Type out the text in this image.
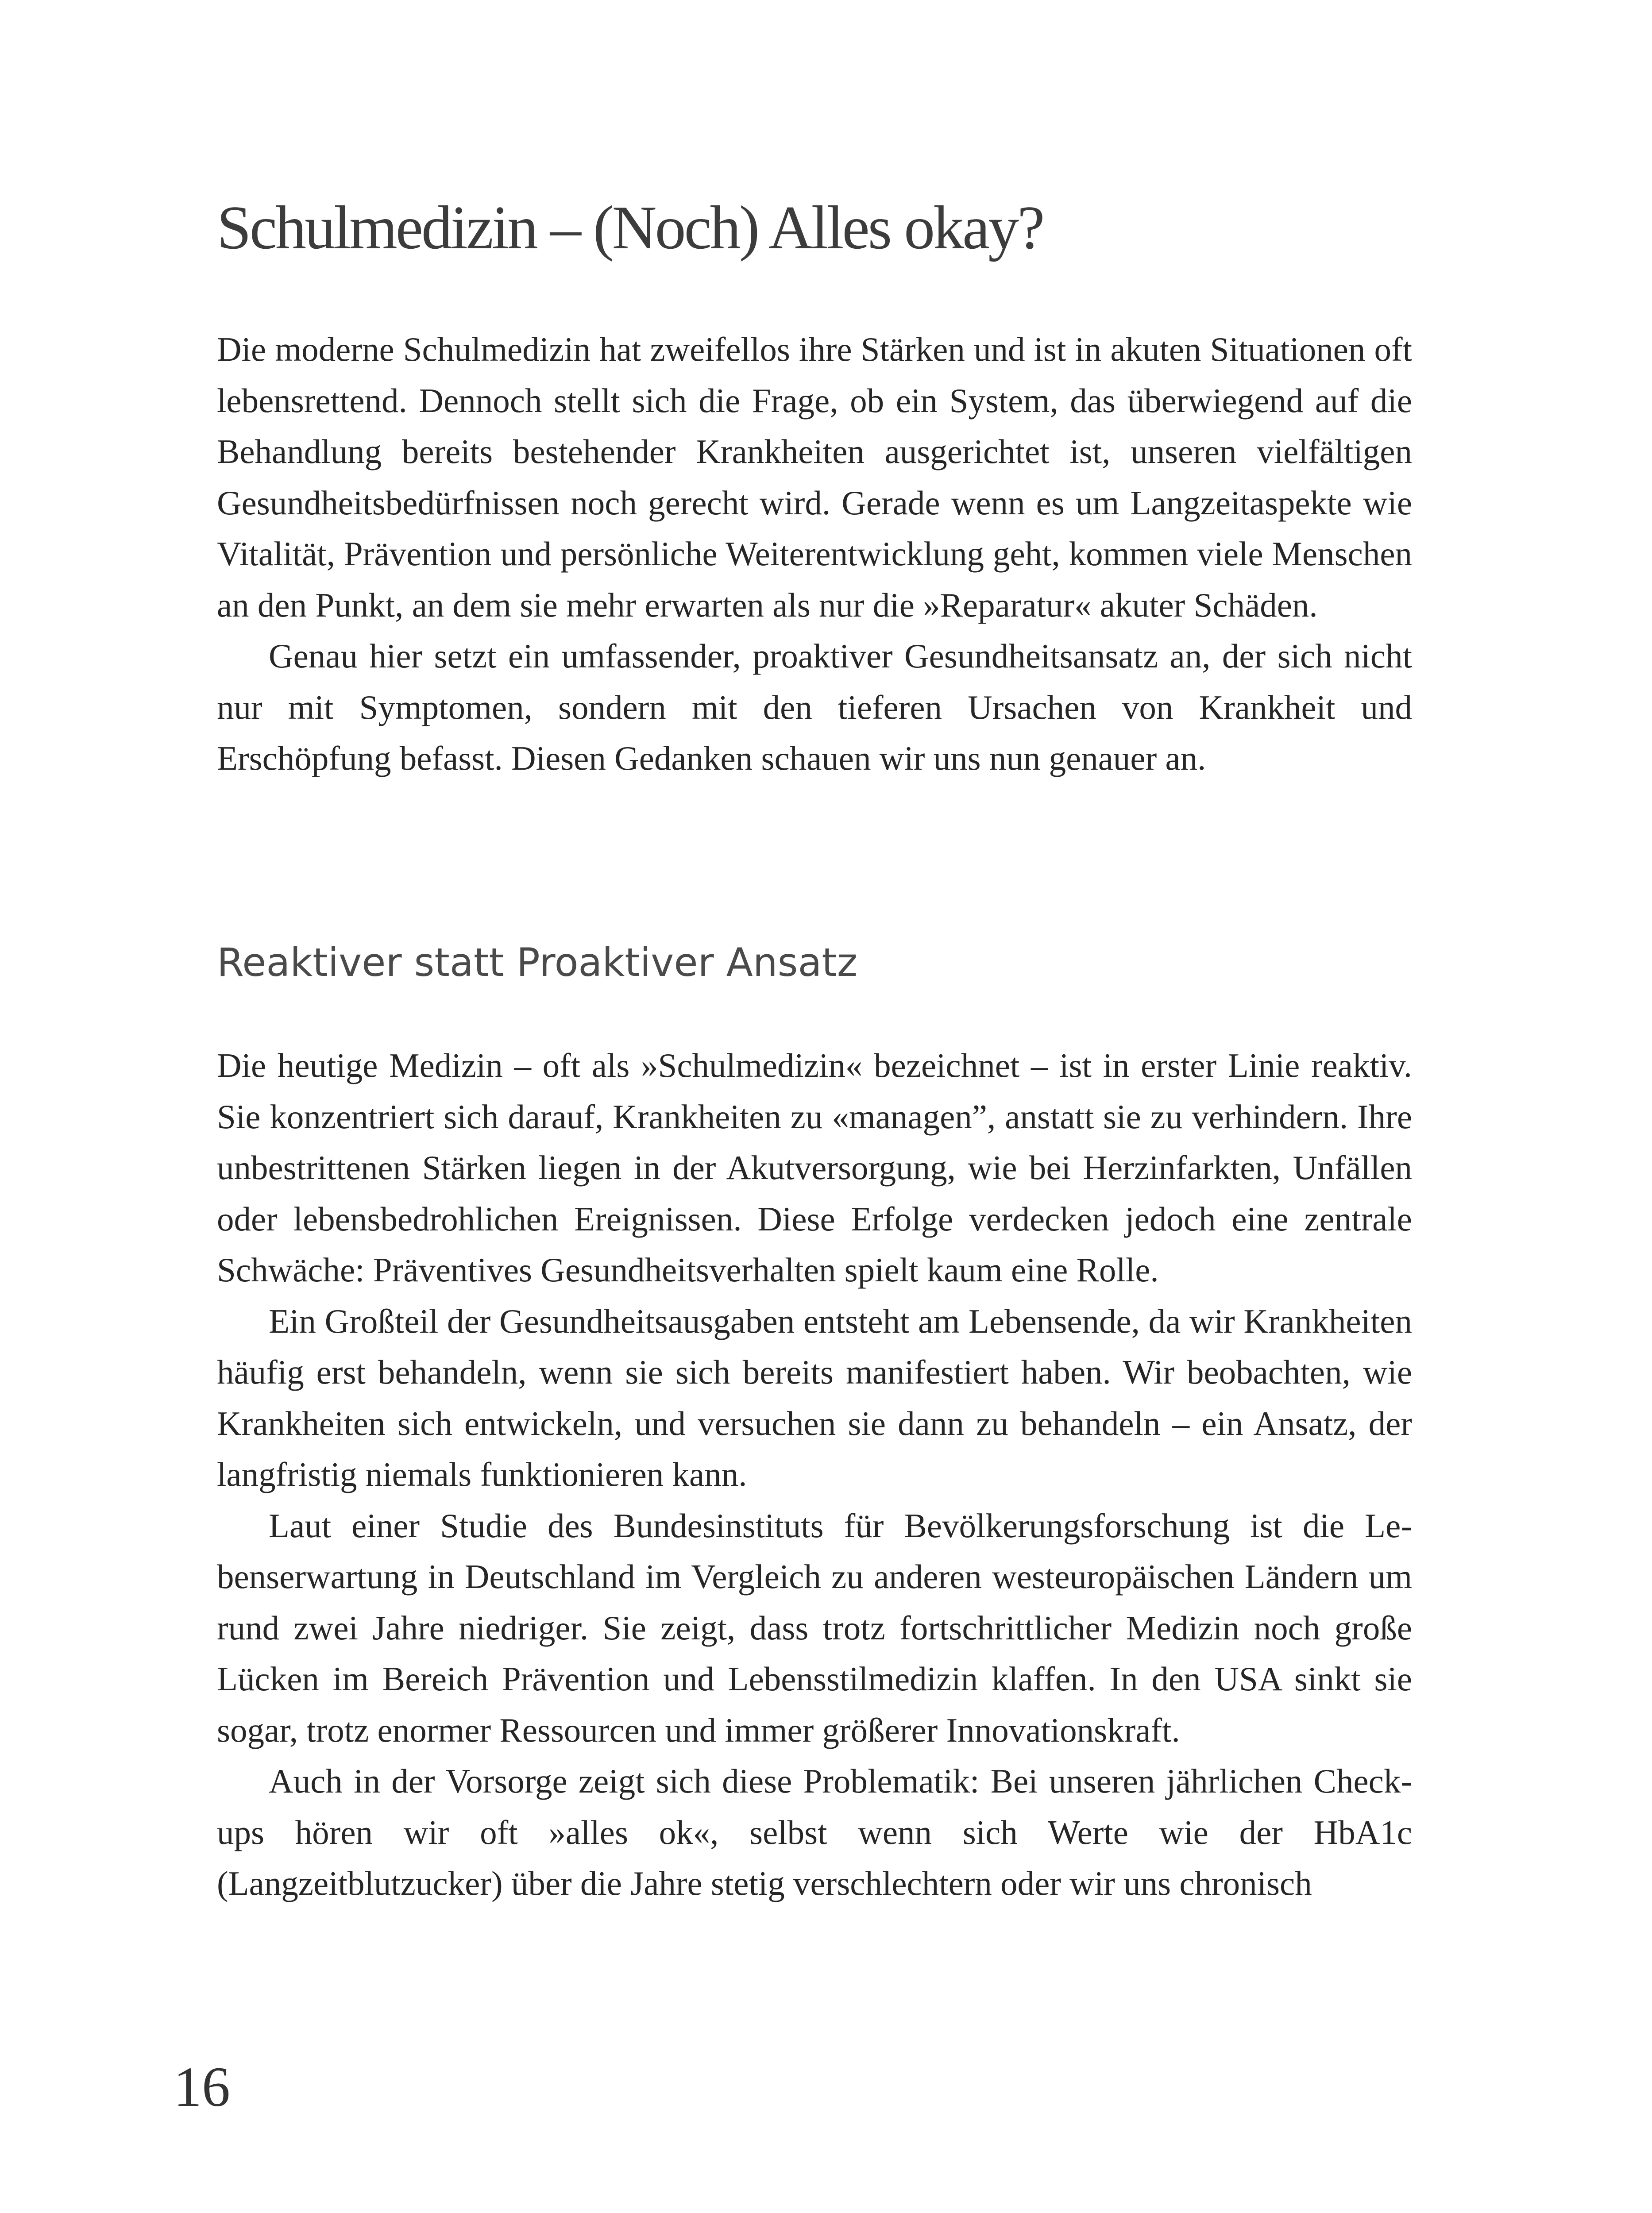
Schulmedizin – (Noch) Alles okay?

Die moderne Schulmedizin hat zweifellos ihre Stärken und ist in akuten Situationen oft lebensrettend. Dennoch stellt sich die Frage, ob ein System, das überwiegend auf die Behandlung bereits bestehender Krankheiten ausgerichtet ist, unseren vielfältigen Gesundheitsbedürfnissen noch gerecht wird. Gerade wenn es um Langzeitaspekte wie Vitalität, Prävention und persönliche Weiterentwicklung geht, kommen viele Menschen an den Punkt, an dem sie mehr erwarten als nur die »Reparatur« akuter Schäden.

Genau hier setzt ein umfassender, proaktiver Gesundheitsansatz an, der sich nicht nur mit Symptomen, sondern mit den tieferen Ursachen von Krankheit und Erschöpfung befasst. Diesen Gedanken schauen wir uns nun genauer an.

Reaktiver statt Proaktiver Ansatz

Die heutige Medizin – oft als »Schulmedizin« bezeichnet – ist in erster Linie reaktiv. Sie konzentriert sich darauf, Krankheiten zu «managen”, anstatt sie zu verhindern. Ihre unbestrittenen Stärken liegen in der Akutversorgung, wie bei Herzinfarkten, Unfällen oder lebensbedrohlichen Ereignissen. Diese Erfolge verdecken jedoch eine zentrale Schwäche: Präventives Gesundheitsverhalten spielt kaum eine Rolle.

Ein Großteil der Gesundheitsausgaben entsteht am Lebensende, da wir Krankheiten häufig erst behandeln, wenn sie sich bereits manifestiert haben. Wir beobachten, wie Krankheiten sich entwickeln, und versuchen sie dann zu behandeln – ein Ansatz, der langfristig niemals funktionieren kann.

Laut einer Studie des Bundesinstituts für Bevölkerungsforschung ist die Lebenserwartung in Deutschland im Vergleich zu anderen westeuropäischen Ländern um rund zwei Jahre niedriger. Sie zeigt, dass trotz fortschrittlicher Medizin noch große Lücken im Bereich Prävention und Lebensstilmedizin klaffen. In den USA sinkt sie sogar, trotz enormer Ressourcen und immer größerer Innovationskraft.

Auch in der Vorsorge zeigt sich diese Problematik: Bei unseren jährlichen Check-ups hören wir oft »alles ok«, selbst wenn sich Werte wie der HbA1c (Langzeitblutzucker) über die Jahre stetig verschlechtern oder wir uns chronisch

16
